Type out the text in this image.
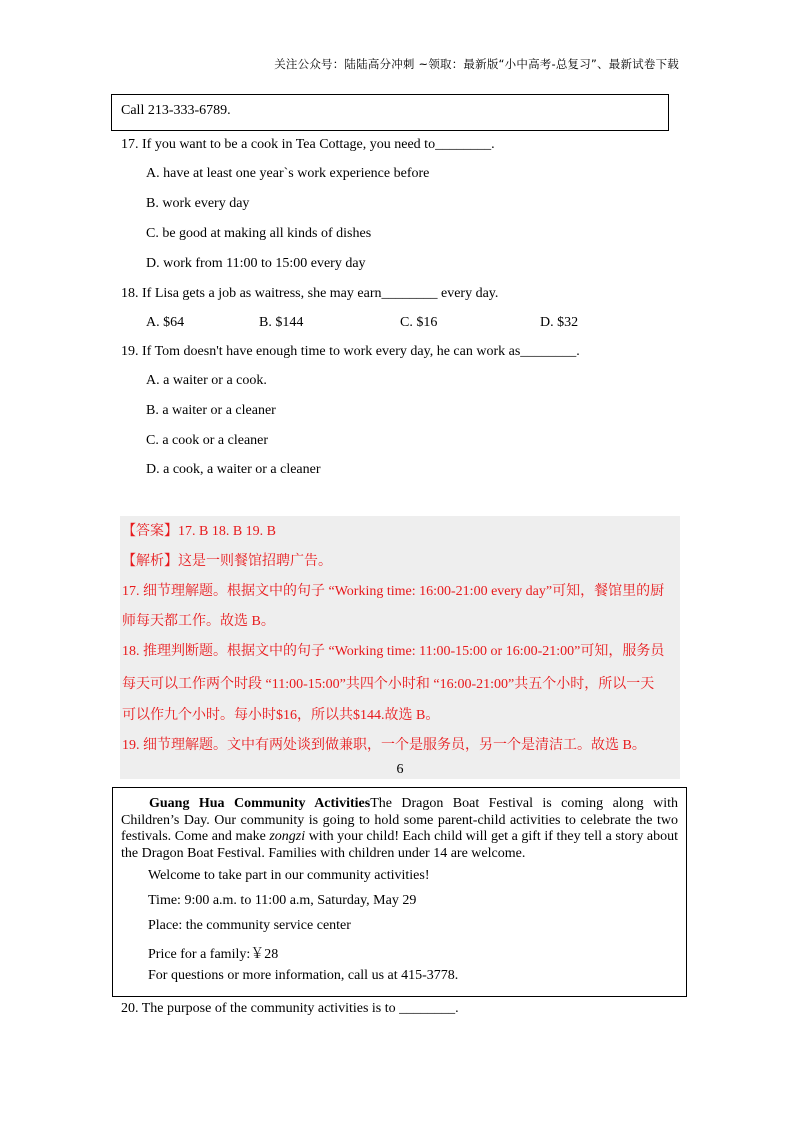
关注公众号：陆陆高分冲刺 ~领取：最新版“小中高考-总复习”、最新试卷下载
Call 213-333-6789.
17. If you want to be a cook in Tea Cottage, you need to________.
A. have at least one year`s work experience before
B. work every day
C. be good at making all kinds of dishes
D. work from 11:00 to 15:00 every day
18. If Lisa gets a job as waitress, she may earn________ every day.
A. $64	B. $144	C. $16	D. $32
19. If Tom doesn't have enough time to work every day, he can work as________.
A. a waiter or a cook.
B. a waiter or a cleaner
C. a cook or a cleaner
D. a cook, a waiter or a cleaner
【答案】17. B 18. B 19. B
【解析】这是一则餐馆招聘广告。
17. 细节理解题。根据文中的句子 “Working time: 16:00-21:00 every day”可知，餐馆里的厨
师每天都工作。故选 B。
18. 推理判断题。根据文中的句子 “Working time: 11:00-15:00 or 16:00-21:00”可知，服务员
每天可以工作两个时段 “11:00-15:00”共四个小时和 “16:00-21:00”共五个小时，所以一天
可以作九个小时。每小时$16，所以共$144.故选 B。
19. 细节理解题。文中有两处谈到做兼职，一个是服务员，另一个是清洁工。故选 B。
6
Guang Hua Community ActivitiesThe Dragon Boat Festival is coming along with Children’s Day. Our community is going to hold some parent-child activities to celebrate the two festivals. Come and make zongzi with your child! Each child will get a gift if they tell a story about the Dragon Boat Festival. Families with children under 14 are welcome.
Welcome to take part in our community activities!
Time: 9:00 a.m. to 11:00 a.m, Saturday, May 29
Place: the community service center
Price for a family:￥28
For questions or more information, call us at 415-3778.
20. The purpose of the community activities is to ________.
